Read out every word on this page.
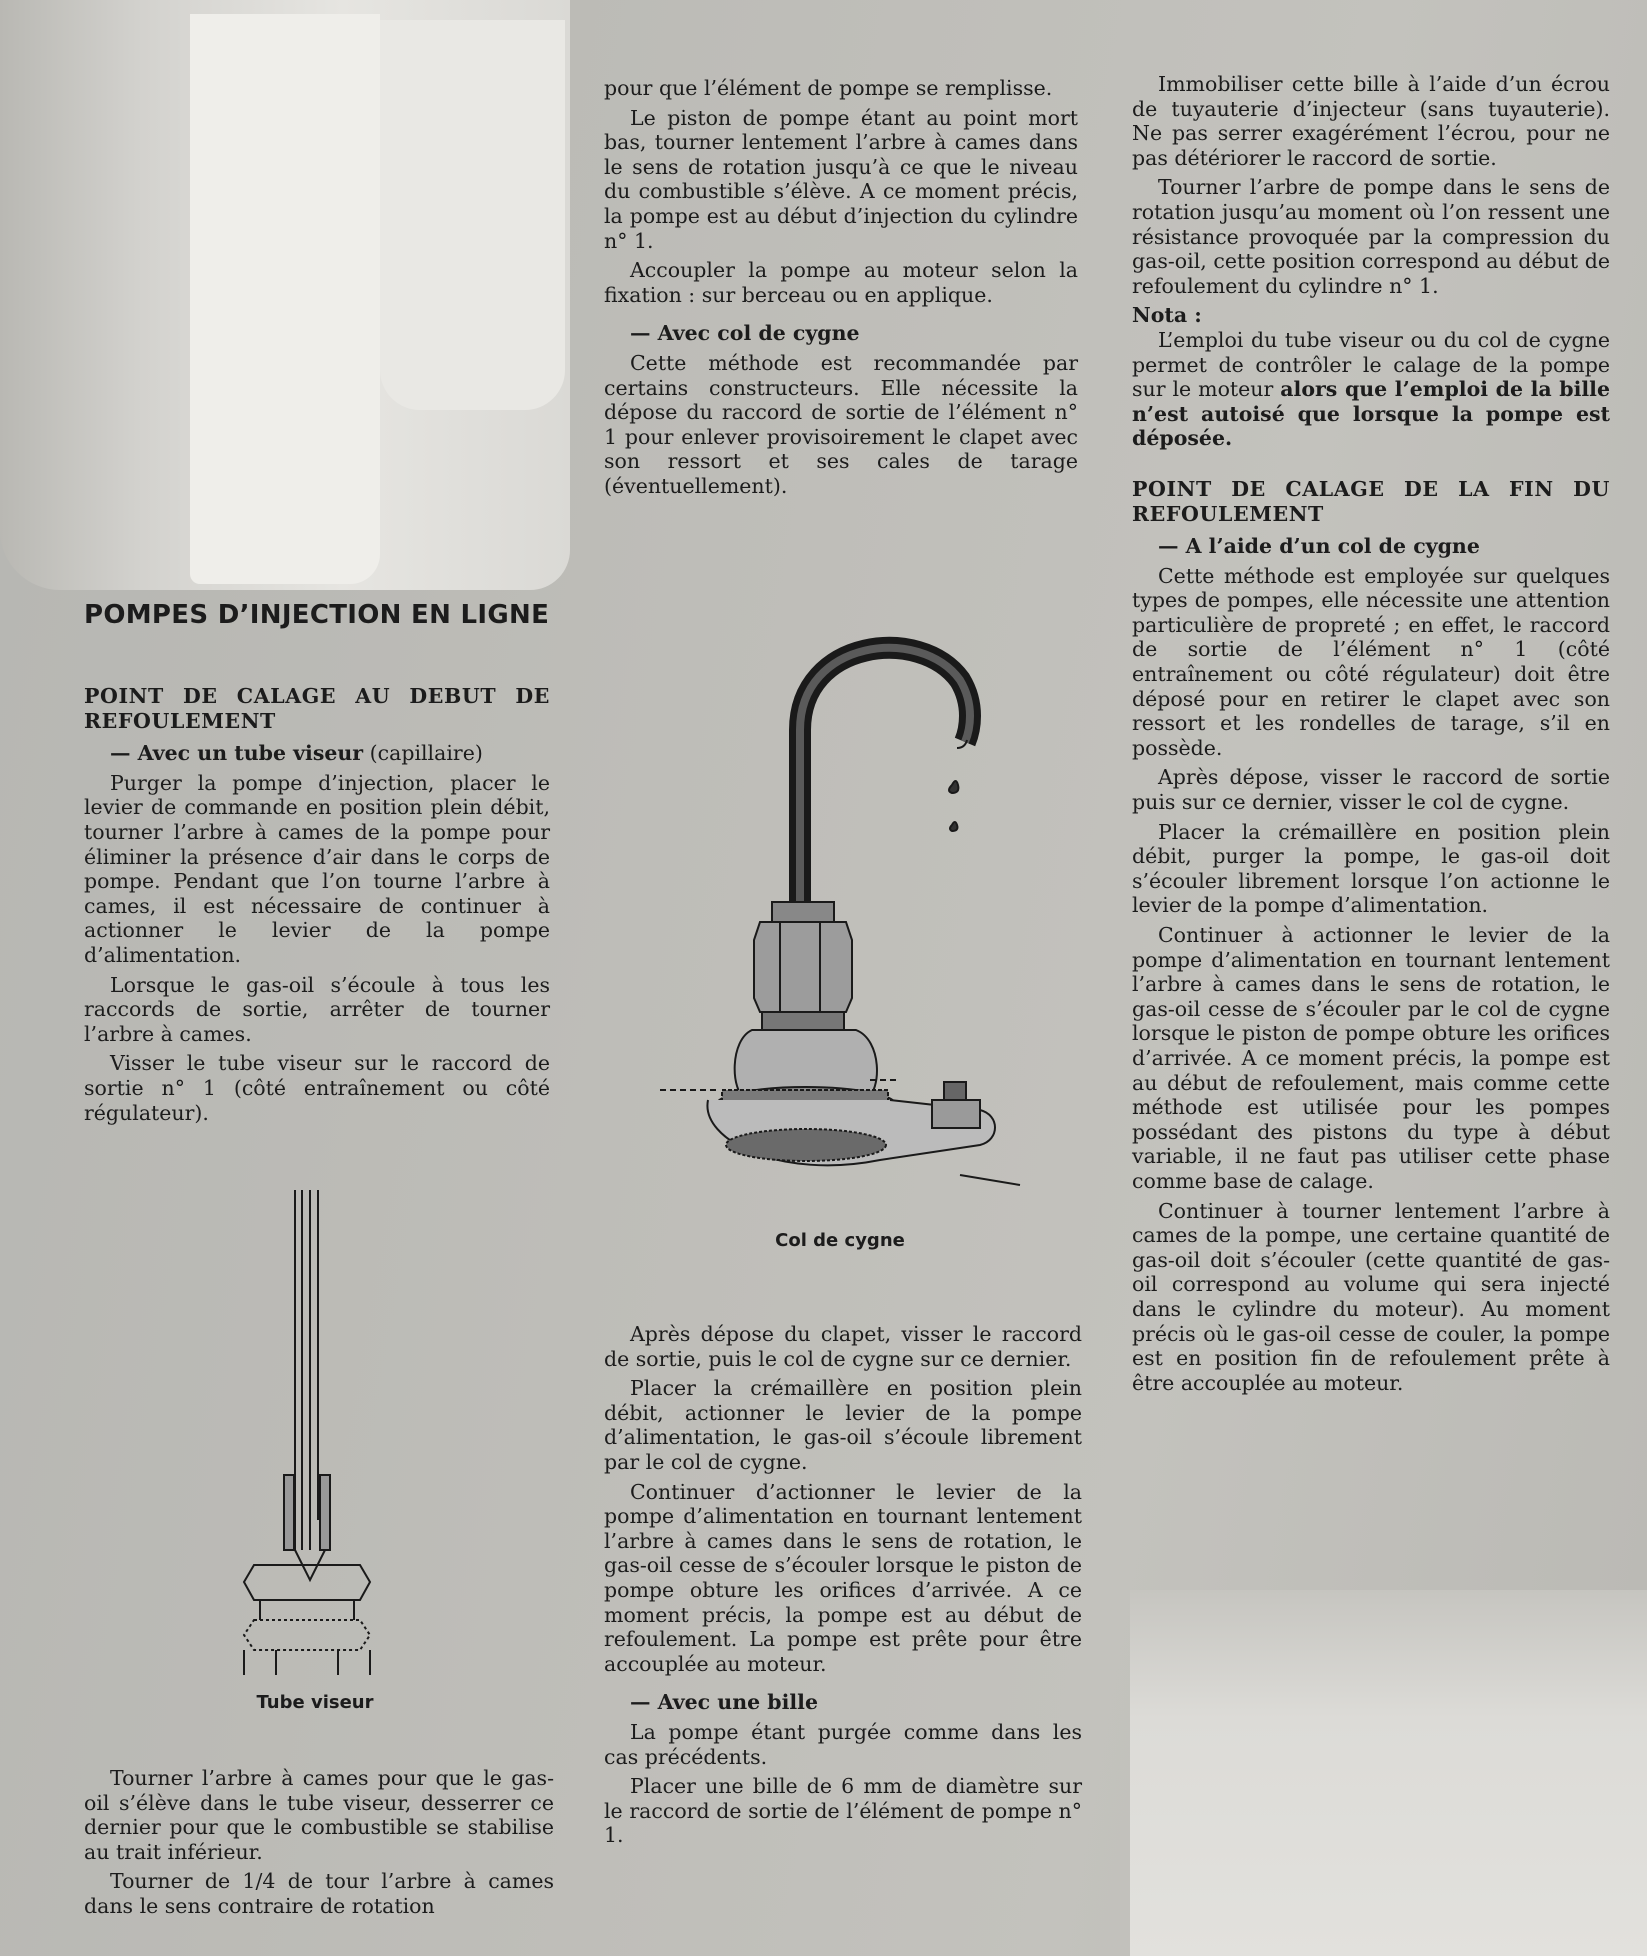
POMPES D’INJECTION EN LIGNE
POINT DE CALAGE AU DEBUT DE REFOULEMENT

— Avec un tube viseur (capillaire)

Purger la pompe d’injection, placer le levier de commande en position plein débit, tourner l’arbre à cames de la pompe pour éliminer la présence d’air dans le corps de pompe. Pendant que l’on tourne l’arbre à cames, il est nécessaire de continuer à actionner le levier de la pompe d’alimentation.

Lorsque le gas-oil s’écoule à tous les raccords de sortie, arrêter de tourner l’arbre à cames.

Visser le tube viseur sur le raccord de sortie n° 1 (côté entraînement ou côté régulateur).

Tube viseur

Tourner l’arbre à cames pour que le gas-oil s’élève dans le tube viseur, desserrer ce dernier pour que le combustible se stabilise au trait inférieur.

Tourner de 1/4 de tour l’arbre à cames dans le sens contraire de rotation

pour que l’élément de pompe se remplisse.

Le piston de pompe étant au point mort bas, tourner lentement l’arbre à cames dans le sens de rotation jusqu’à ce que le niveau du combustible s’élève. A ce moment précis, la pompe est au début d’injection du cylindre n° 1.

Accoupler la pompe au moteur selon la fixation : sur berceau ou en applique.

— Avec col de cygne

Cette méthode est recommandée par certains constructeurs. Elle nécessite la dépose du raccord de sortie de l’élément n° 1 pour enlever provisoirement le clapet avec son ressort et ses cales de tarage (éventuellement).

Col de cygne

Après dépose du clapet, visser le raccord de sortie, puis le col de cygne sur ce dernier.

Placer la crémaillère en position plein débit, actionner le levier de la pompe d’alimentation, le gas-oil s’écoule librement par le col de cygne.

Continuer d’actionner le levier de la pompe d’alimentation en tournant lentement l’arbre à cames dans le sens de rotation, le gas-oil cesse de s’écouler lorsque le piston de pompe obture les orifices d’arrivée. A ce moment précis, la pompe est au début de refoulement. La pompe est prête pour être accouplée au moteur.

— Avec une bille

La pompe étant purgée comme dans les cas précédents.

Placer une bille de 6 mm de diamètre sur le raccord de sortie de l’élément de pompe n° 1.

Immobiliser cette bille à l’aide d’un écrou de tuyauterie d’injecteur (sans tuyauterie). Ne pas serrer exagérément l’écrou, pour ne pas détériorer le raccord de sortie.

Tourner l’arbre de pompe dans le sens de rotation jusqu’au moment où l’on ressent une résistance provoquée par la compression du gas-oil, cette position correspond au début de refoulement du cylindre n° 1.

Nota :

L’emploi du tube viseur ou du col de cygne permet de contrôler le calage de la pompe sur le moteur alors que l’emploi de la bille n’est autoisé que lorsque la pompe est déposée.

POINT DE CALAGE DE LA FIN DU REFOULEMENT

— A l’aide d’un col de cygne

Cette méthode est employée sur quelques types de pompes, elle nécessite une attention particulière de propreté ; en effet, le raccord de sortie de l’élément n° 1 (côté entraînement ou côté régulateur) doit être déposé pour en retirer le clapet avec son ressort et les rondelles de tarage, s’il en possède.

Après dépose, visser le raccord de sortie puis sur ce dernier, visser le col de cygne.

Placer la crémaillère en position plein débit, purger la pompe, le gas-oil doit s’écouler librement lorsque l’on actionne le levier de la pompe d’alimentation.

Continuer à actionner le levier de la pompe d’alimentation en tournant lentement l’arbre à cames dans le sens de rotation, le gas-oil cesse de s’écouler par le col de cygne lorsque le piston de pompe obture les orifices d’arrivée. A ce moment précis, la pompe est au début de refoulement, mais comme cette méthode est utilisée pour les pompes possédant des pistons du type à début variable, il ne faut pas utiliser cette phase comme base de calage.

Continuer à tourner lentement l’arbre à cames de la pompe, une certaine quantité de gas-oil doit s’écouler (cette quantité de gas-oil correspond au volume qui sera injecté dans le cylindre du moteur). Au moment précis où le gas-oil cesse de couler, la pompe est en position fin de refoulement prête à être accouplée au moteur.
